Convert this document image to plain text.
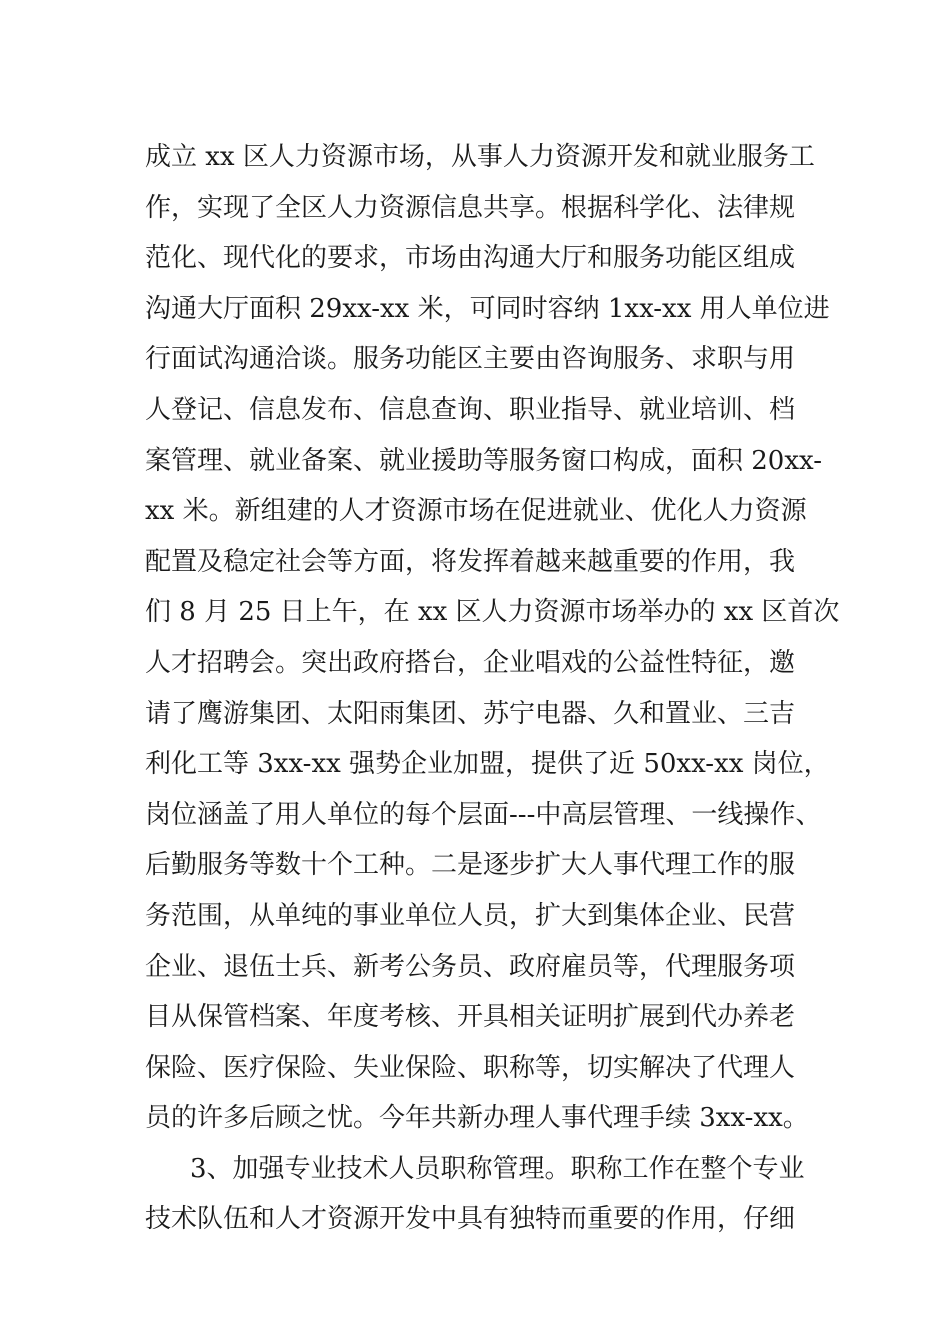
成立 xx 区人力资源市场，从事人力资源开发和就业服务工
作，实现了全区人力资源信息共享。根据科学化、法律规
范化、现代化的要求，市场由沟通大厅和服务功能区组成
沟通大厅面积 29xx-xx 米，可同时容纳 1xx-xx 用人单位进
行面试沟通洽谈。服务功能区主要由咨询服务、求职与用
人登记、信息发布、信息查询、职业指导、就业培训、档
案管理、就业备案、就业援助等服务窗口构成，面积 20xx-
xx 米。新组建的人才资源市场在促进就业、优化人力资源
配置及稳定社会等方面，将发挥着越来越重要的作用，我
们 8 月 25 日上午，在 xx 区人力资源市场举办的 xx 区首次
人才招聘会。突出政府搭台，企业唱戏的公益性特征，邀
请了鹰游集团、太阳雨集团、苏宁电器、久和置业、三吉
利化工等 3xx-xx 强势企业加盟，提供了近 50xx-xx 岗位，
岗位涵盖了用人单位的每个层面---中高层管理、一线操作、
后勤服务等数十个工种。二是逐步扩大人事代理工作的服
务范围，从单纯的事业单位人员，扩大到集体企业、民营
企业、退伍士兵、新考公务员、政府雇员等，代理服务项
目从保管档案、年度考核、开具相关证明扩展到代办养老
保险、医疗保险、失业保险、职称等，切实解决了代理人
员的许多后顾之忧。今年共新办理人事代理手续 3xx-xx。
3、加强专业技术人员职称管理。职称工作在整个专业
技术队伍和人才资源开发中具有独特而重要的作用，仔细
